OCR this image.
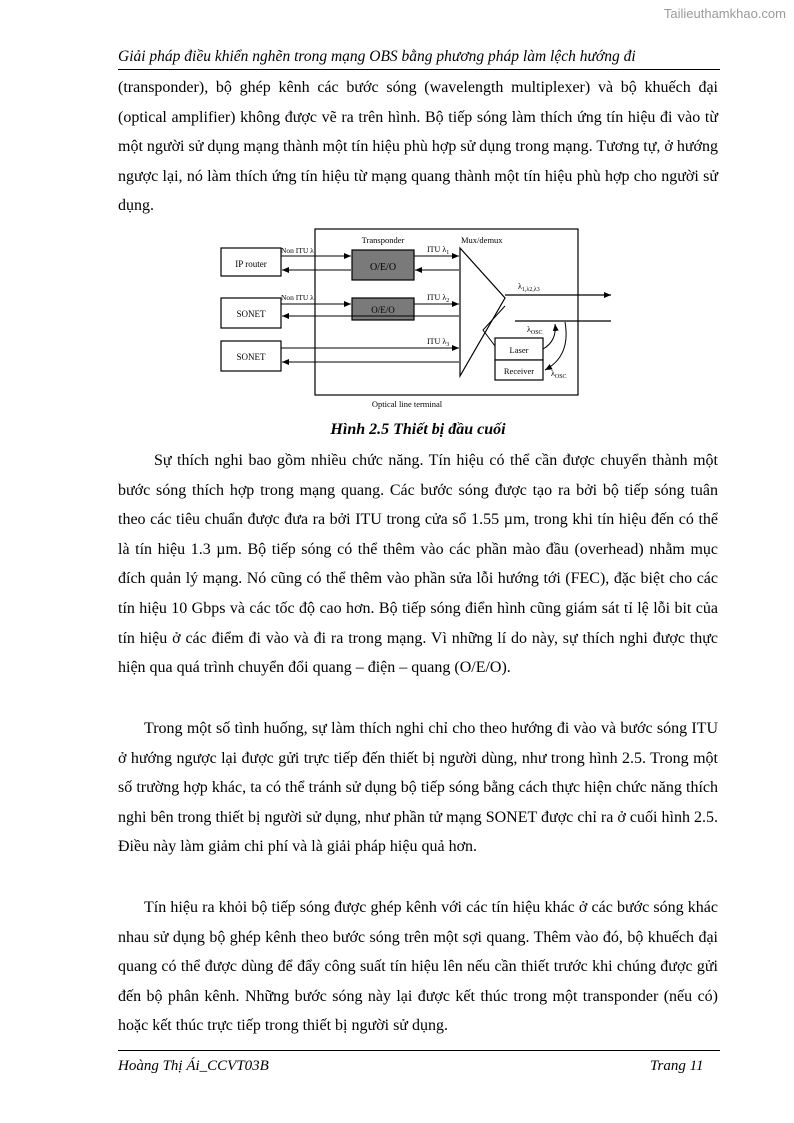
Tailieuthamkhao.com
Giải pháp điều khiển nghẽn trong mạng OBS bằng phương pháp làm lệch hướng đi

(transponder), bộ ghép kênh các bước sóng (wavelength multiplexer) và bộ khuếch đại (optical amplifier) không được vẽ ra trên hình. Bộ tiếp sóng làm thích ứng tín hiệu đi vào từ một người sử dụng mạng thành một tín hiệu phù hợp sử dụng trong mạng. Tương tự, ở hướng ngược lại, nó làm thích ứng tín hiệu từ mạng quang thành một tín hiệu phù hợp cho người sử dụng.

IP router
SONET
SONET
Transponder
O/E/O
O/E/O
Non ITU λ	ITU $\lambda_1$
Non ITU λ	ITU $\lambda_2$
ITU $\lambda_3$
Mux/demux
$\lambda_{1,\lambda 2,\lambda 3}$
$\lambda_{OSC}$
Laser
Receiver $\lambda_{OSC}$
Optical line terminal
Hình 2.5 Thiết bị đầu cuối

Sự thích nghi bao gồm nhiều chức năng. Tín hiệu có thể cần được chuyển thành một bước sóng thích hợp trong mạng quang. Các bước sóng được tạo ra bởi bộ tiếp sóng tuân theo các tiêu chuẩn được đưa ra bởi ITU trong cửa sổ 1.55 µm, trong khi tín hiệu đến có thể là tín hiệu 1.3 µm. Bộ tiếp sóng có thể thêm vào các phần mào đầu (overhead) nhằm mục đích quản lý mạng. Nó cũng có thể thêm vào phần sửa lỗi hướng tới (FEC), đặc biệt cho các tín hiệu 10 Gbps và các tốc độ cao hơn. Bộ tiếp sóng điển hình cũng giám sát tỉ lệ lỗi bit của tín hiệu ở các điểm đi vào và đi ra trong mạng. Vì những lí do này, sự thích nghi được thực hiện qua quá trình chuyển đổi quang – điện – quang (O/E/O).

Trong một số tình huống, sự làm thích nghi chỉ cho theo hướng đi vào và bước sóng ITU ở hướng ngược lại được gửi trực tiếp đến thiết bị người dùng, như trong hình 2.5. Trong một số trường hợp khác, ta có thể tránh sử dụng bộ tiếp sóng bằng cách thực hiện chức năng thích nghi bên trong thiết bị người sử dụng, như phần tử mạng SONET được chỉ ra ở cuối hình 2.5. Điều này làm giảm chi phí và là giải pháp hiệu quả hơn.

Tín hiệu ra khỏi bộ tiếp sóng được ghép kênh với các tín hiệu khác ở các bước sóng khác nhau sử dụng bộ ghép kênh theo bước sóng trên một sợi quang. Thêm vào đó, bộ khuếch đại quang có thể được dùng để đẩy công suất tín hiệu lên nếu cần thiết trước khi chúng được gửi đến bộ phân kênh. Những bước sóng này lại được kết thúc trong một transponder (nếu có) hoặc kết thúc trực tiếp trong thiết bị người sử dụng.

Hoàng Thị Ái_CCVT03B	Trang 11
